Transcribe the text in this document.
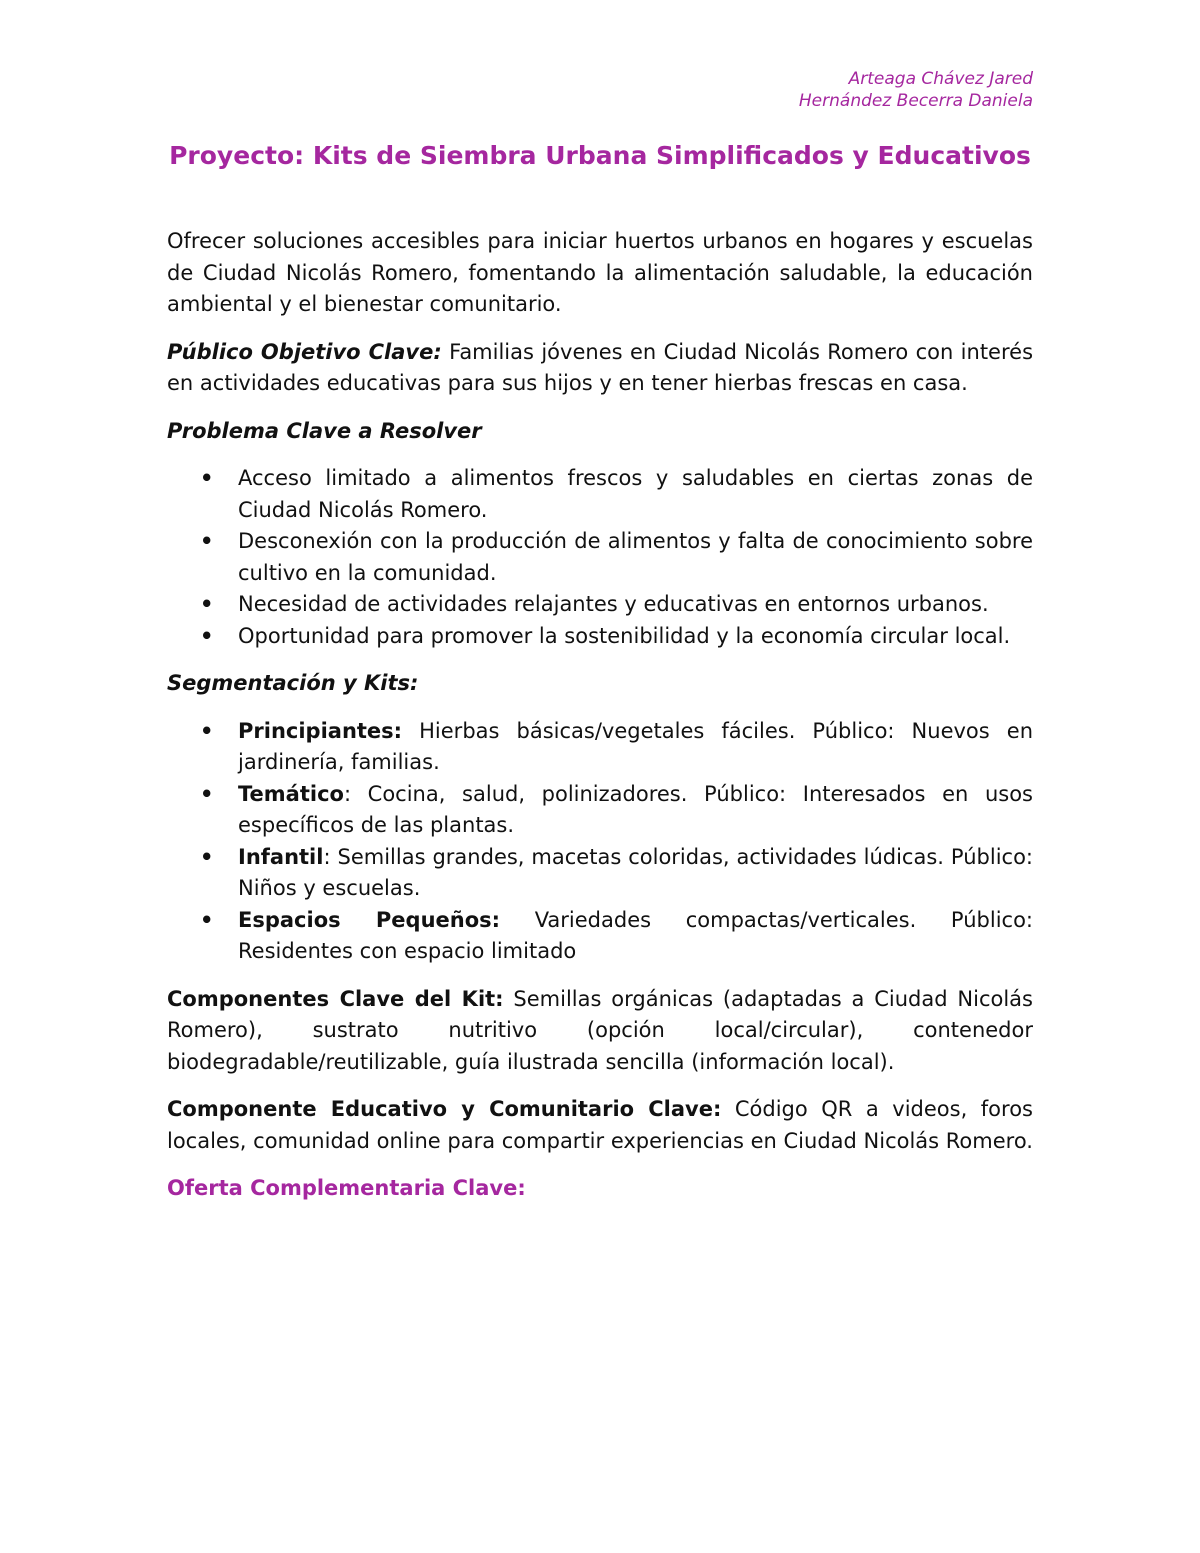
Arteaga Chávez Jared
Hernández Becerra Daniela
Proyecto: Kits de Siembra Urbana Simplificados y Educativos

Ofrecer soluciones accesibles para iniciar huertos urbanos en hogares y escuelas de Ciudad Nicolás Romero, fomentando la alimentación saludable, la educación ambiental y el bienestar comunitario.

Público Objetivo Clave: Familias jóvenes en Ciudad Nicolás Romero con interés en actividades educativas para sus hijos y en tener hierbas frescas en casa.

Problema Clave a Resolver
• Acceso limitado a alimentos frescos y saludables en ciertas zonas de Ciudad Nicolás Romero.
• Desconexión con la producción de alimentos y falta de conocimiento sobre cultivo en la comunidad.
• Necesidad de actividades relajantes y educativas en entornos urbanos.
• Oportunidad para promover la sostenibilidad y la economía circular local.
Segmentación y Kits:
• Principiantes: Hierbas básicas/vegetales fáciles. Público: Nuevos en jardinería, familias.
• Temático: Cocina, salud, polinizadores. Público: Interesados en usos específicos de las plantas.
• Infantil: Semillas grandes, macetas coloridas, actividades lúdicas. Público: Niños y escuelas.
• Espacios Pequeños: Variedades compactas/verticales. Público: Residentes con espacio limitado

Componentes Clave del Kit: Semillas orgánicas (adaptadas a Ciudad Nicolás Romero), sustrato nutritivo (opción local/circular), contenedor biodegradable/reutilizable, guía ilustrada sencilla (información local).

Componente Educativo y Comunitario Clave: Código QR a videos, foros locales, comunidad online para compartir experiencias en Ciudad Nicolás Romero.

Oferta Complementaria Clave:
